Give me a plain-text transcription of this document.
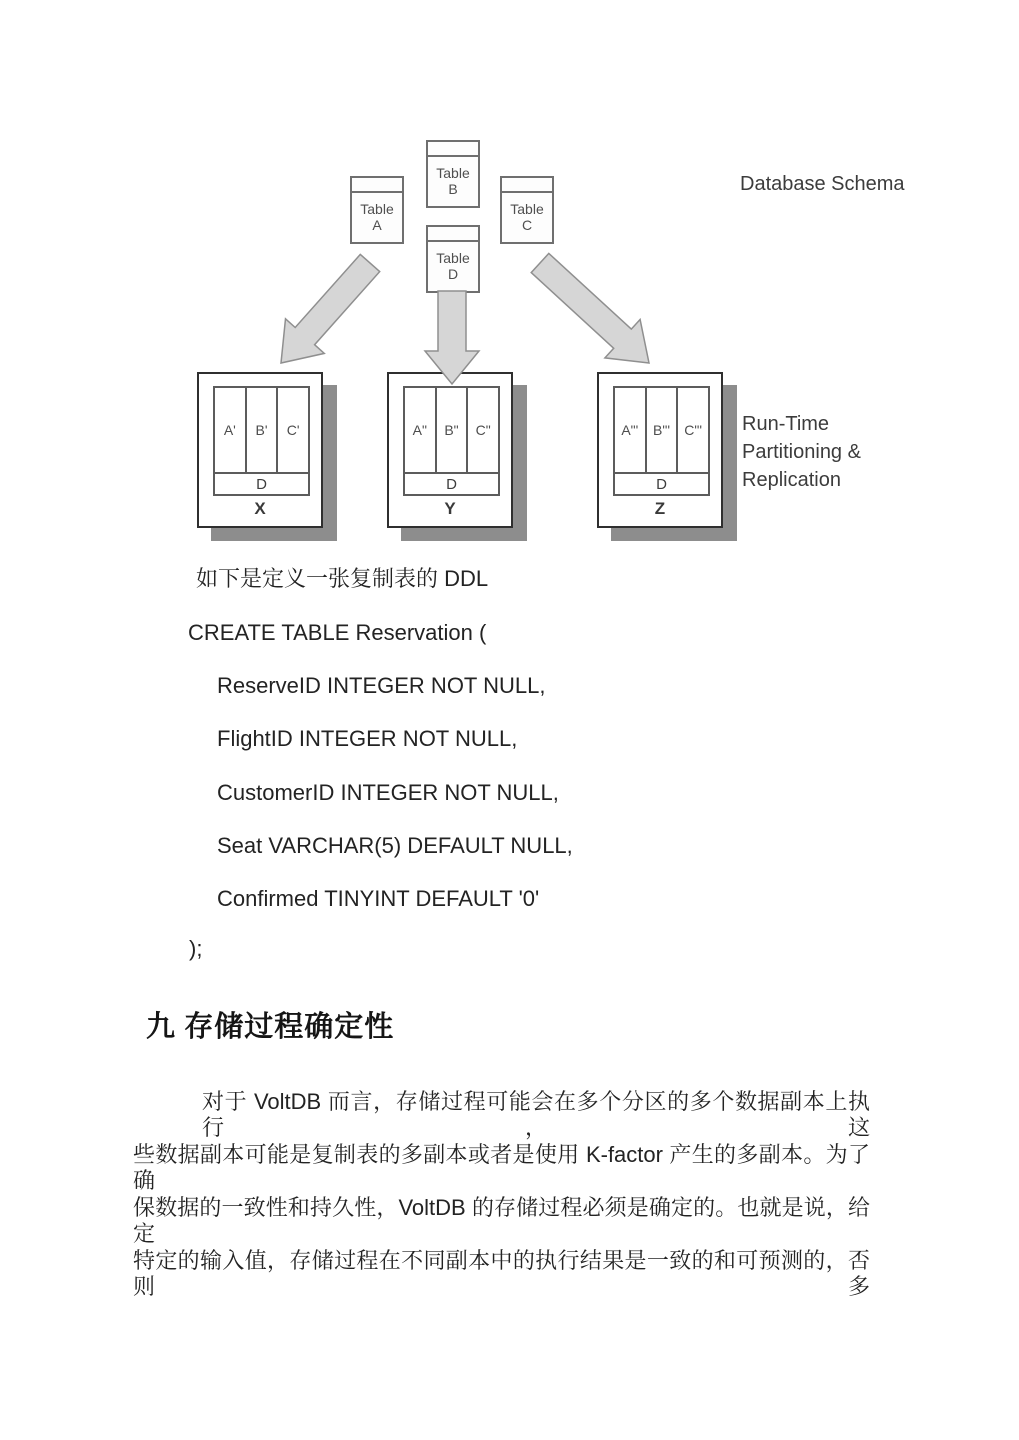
Table
A
Table
B
Table
C
Table
D
Database Schema
Run-Time
Partitioning &
Replication
A'	B'	C'
D
X
A"	B"	C"
D
Y
A"'	B"'	C"'
D
Z
如下是定义一张复制表的 DDL
CREATE TABLE Reservation (
ReserveID INTEGER NOT NULL,
FlightID INTEGER NOT NULL,
CustomerID INTEGER NOT NULL,
Seat VARCHAR(5) DEFAULT NULL,
Confirmed TINYINT DEFAULT '0'
);
九 存储过程确定性
对于 VoltDB 而言，存储过程可能会在多个分区的多个数据副本上执行，这
些数据副本可能是复制表的多副本或者是使用 K-factor 产生的多副本。为了确
保数据的一致性和持久性，VoltDB 的存储过程必须是确定的。也就是说，给定
特定的输入值，存储过程在不同副本中的执行结果是一致的和可预测的，否则多
